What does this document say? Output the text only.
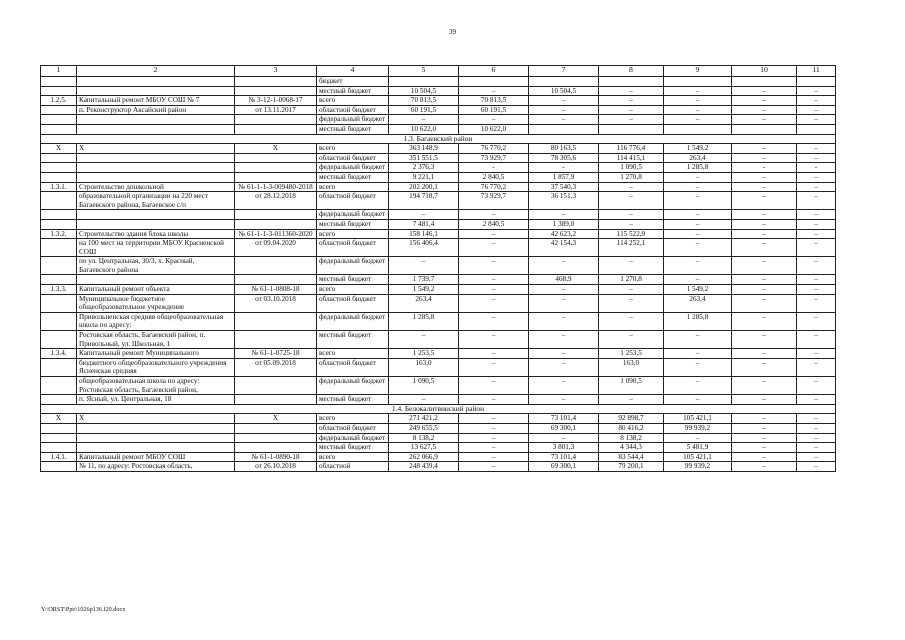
39
1	2	3	4	5	6	7	8	9	10	11
			бюджет							
			местный бюджет	10 504,5	–	10 504,5	–	–	–	–
1.2.5.	Капитальный ремонт МБОУ СОШ № 7	№ 3-12-1-0068-17	всего	70 813,5	70 813,5	–	–	–	–	–
	п. Реконструктор Аксайский район	от 13.11.2017	областной бюджет	60 191,5	60 191,5	–	–	–	–	–
			федеральный бюджет	–	–	–	–	–	–	–
			местный бюджет	10 622,0	10 622,0					
1.3. Багаевский район										
Х	Х	Х	всего	363 148,9	76 770,2	80 163,5	116 776,4	1 549,2	–	–
			областной бюджет	351 551,5	73 929,7	78 305,6	114 415,1	263,4	–	–
			федеральный бюджет	2 376,3	-	-	1 090,5	1 285,8	-	-
			местный бюджет	9 221,1	2 840,5	1 857,9	1 270,8	–	–	–
1.3.1.	Строительство дошкольной	№ 61-1-1-3-009480-2018	всего	202 200,1	76 770,2	37 540,3	–	–	–	–
	образовательной организации на 220 мест Багаевского района, Багаевское с/п	от 28.12.2018	областной бюджет	194 718,7	73 929,7	36 151,3	–	–	–	–
			федеральный бюджет	–	–	–	–	–	–	–
			местный бюджет	7 481,4	2 840,5	1 389,0	–	–	–	–
1.3.2.	Строительство здания блока школы	№ 61-1-1-3-011360-2020	всего	158 146,1	–	42 623,2	115 522,9	–	–	–
	на 100 мест на территории МБОУ Красненской СОШ	от 09.04.2020	областной бюджет	156 406,4	–	42 154,3	114 252,1	–	–	–
	по ул. Центральная, 30/3, х. Красный, Багаевского района		федеральный бюджет	–	–	–	–	–	–	–
			местный бюджет	1 739,7	–	468,9	1 270,8	–	–	–
1.3.3.	Капитальный ремонт объекта	№ 61-1-0808-18	всего	1 549,2	–	–	–	1 549,2	–	–
	Муниципальное бюджетное общеобразовательное учреждение	от 03.10.2018	областной бюджет	263,4	–	–	–	263,4	–	–
	Привольненская средняя общеобразовательная школа по адресу:		федеральный бюджет	1 285,8	–	–	–	1 285,8	–	–
	Ростовская область, Багаевский район, п. Привольный, ул. Школьная, 1		местный бюджет	–	–	–	–	–	–	–
1.3.4.	Капитальный ремонт Муниципального	№ 61-1-0725-18	всего	1 253,5	–	–	1 253,5	–	–	–
	бюджетного общеобразовательного учреждения Ясненская средняя	от 05.09.2018	областной бюджет	163,0	–	–	163,0	–	–	–
	общеобразовательная школа по адресу: Ростовская область, Багаевский район,		федеральный бюджет	1 090,5	–	–	1 090,5	–	–	–
	п. Ясный, ул. Центральная, 18		местный бюджет	–	–	–	–	–	–	–
1.4. Белокалитвинский район										
Х	Х	Х	всего	271 421,2	–	73 101,4	92 898,7	105 421,1	–	–
			областной бюджет	249 655,5	–	69 300,1	80 416,2	99 939,2	–	–
			федеральный бюджет	8 138,2	–	–	8 138,2	–	–	–
			местный бюджет	13 627,5	–	3 801,3	4 344,3	5 481,9	–	–
1.4.1.	Капитальный ремонт МБОУ СОШ	№ 61-1-0890-18	всего	262 066,9	–	73 101,4	83 544,4	105 421,1	–	–
	№ 11, по адресу: Ростовская область,	от 26.10.2018	областной	248 439,4	–	69 300,1	79 200,1	99 939,2	–	–
Y:\ORST\Ppo\1026p136.f20.docx
